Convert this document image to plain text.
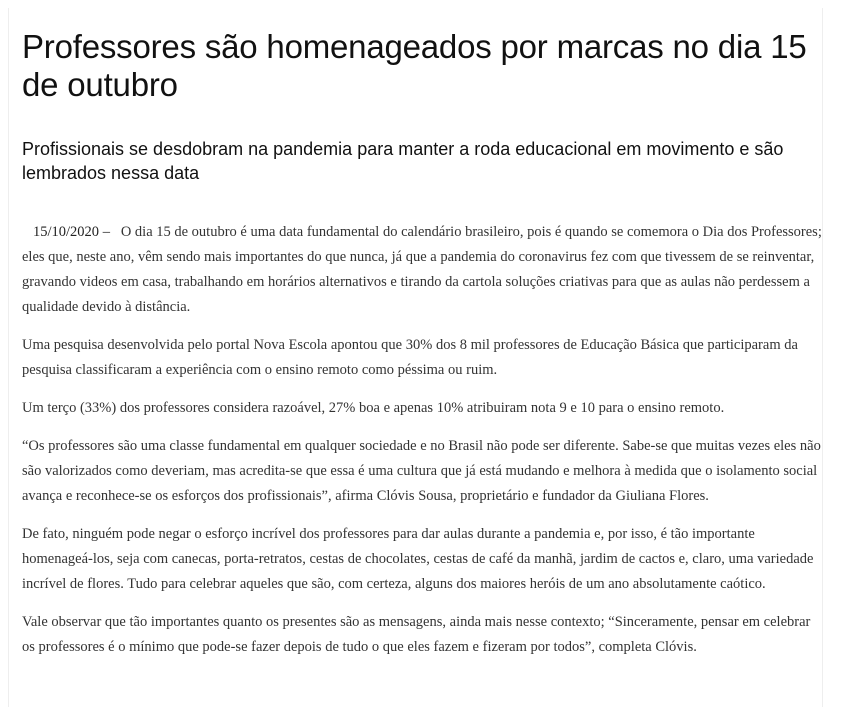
Professores são homenageados por marcas no dia 15 de outubro
Profissionais se desdobram na pandemia para manter a roda educacional em movimento e são lembrados nessa data

15/10/2020 – O dia 15 de outubro é uma data fundamental do calendário brasileiro, pois é quando se comemora o Dia dos Professores; eles que, neste ano, vêm sendo mais importantes do que nunca, já que a pandemia do coronavirus fez com que tivessem de se reinventar, gravando videos em casa, trabalhando em horários alternativos e tirando da cartola soluções criativas para que as aulas não perdessem a qualidade devido à distância.

Uma pesquisa desenvolvida pelo portal Nova Escola apontou que 30% dos 8 mil professores de Educação Básica que participaram da pesquisa classificaram a experiência com o ensino remoto como péssima ou ruim.

Um terço (33%) dos professores considera razoável, 27% boa e apenas 10% atribuiram nota 9 e 10 para o ensino remoto.

“Os professores são uma classe fundamental em qualquer sociedade e no Brasil não pode ser diferente. Sabe-se que muitas vezes eles não são valorizados como deveriam, mas acredita-se que essa é uma cultura que já está mudando e melhora à medida que o isolamento social avança e reconhece-se os esforços dos profissionais”, afirma Clóvis Sousa, proprietário e fundador da Giuliana Flores.

De fato, ninguém pode negar o esforço incrível dos professores para dar aulas durante a pandemia e, por isso, é tão importante homenageá-los, seja com canecas, porta-retratos, cestas de chocolates, cestas de café da manhã, jardim de cactos e, claro, uma variedade incrível de flores. Tudo para celebrar aqueles que são, com certeza, alguns dos maiores heróis de um ano absolutamente caótico.

Vale observar que tão importantes quanto os presentes são as mensagens, ainda mais nesse contexto; “Sinceramente, pensar em celebrar os professores é o mínimo que pode-se fazer depois de tudo o que eles fazem e fizeram por todos”, completa Clóvis.
